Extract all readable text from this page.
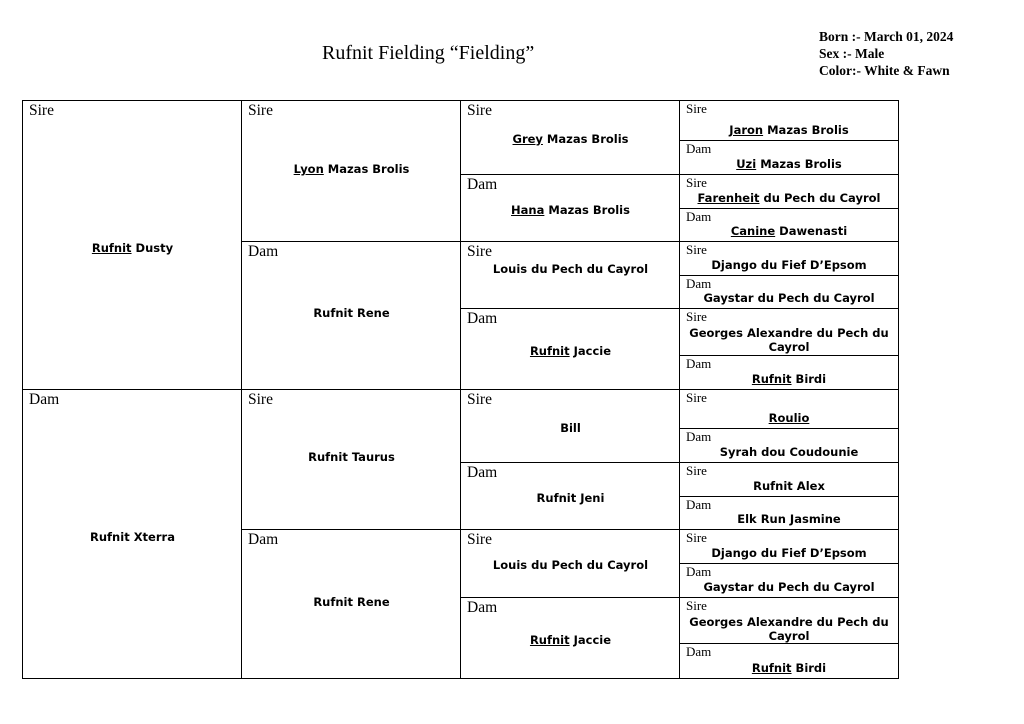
Rufnit Fielding “Fielding”
Born :- March 01, 2024
Sex :- Male
Color:- White & Fawn
Sire
Rufnit Dusty
Dam
Rufnit Xterra
Sire
Lyon Mazas Brolis
Dam
Rufnit Rene
Sire
Rufnit Taurus
Dam
Rufnit Rene
Sire
Grey Mazas Brolis
Dam
Hana Mazas Brolis
Sire
Louis du Pech du Cayrol
Dam
Rufnit Jaccie
Sire
Bill
Dam
Rufnit Jeni
Sire
Louis du Pech du Cayrol
Dam
Rufnit Jaccie
Sire
Jaron Mazas Brolis
Dam
Uzi Mazas Brolis
Sire
Farenheit du Pech du Cayrol
Dam
Canine Dawenasti
Sire
Django du Fief D’Epsom
Dam
Gaystar du Pech du Cayrol
Sire
Georges Alexandre du Pech du Cayrol
Dam
Rufnit Birdi
Sire
Roulio
Dam
Syrah dou Coudounie
Sire
Rufnit Alex
Dam
Elk Run Jasmine
Sire
Django du Fief D’Epsom
Dam
Gaystar du Pech du Cayrol
Sire
Georges Alexandre du Pech du Cayrol
Dam
Rufnit Birdi
